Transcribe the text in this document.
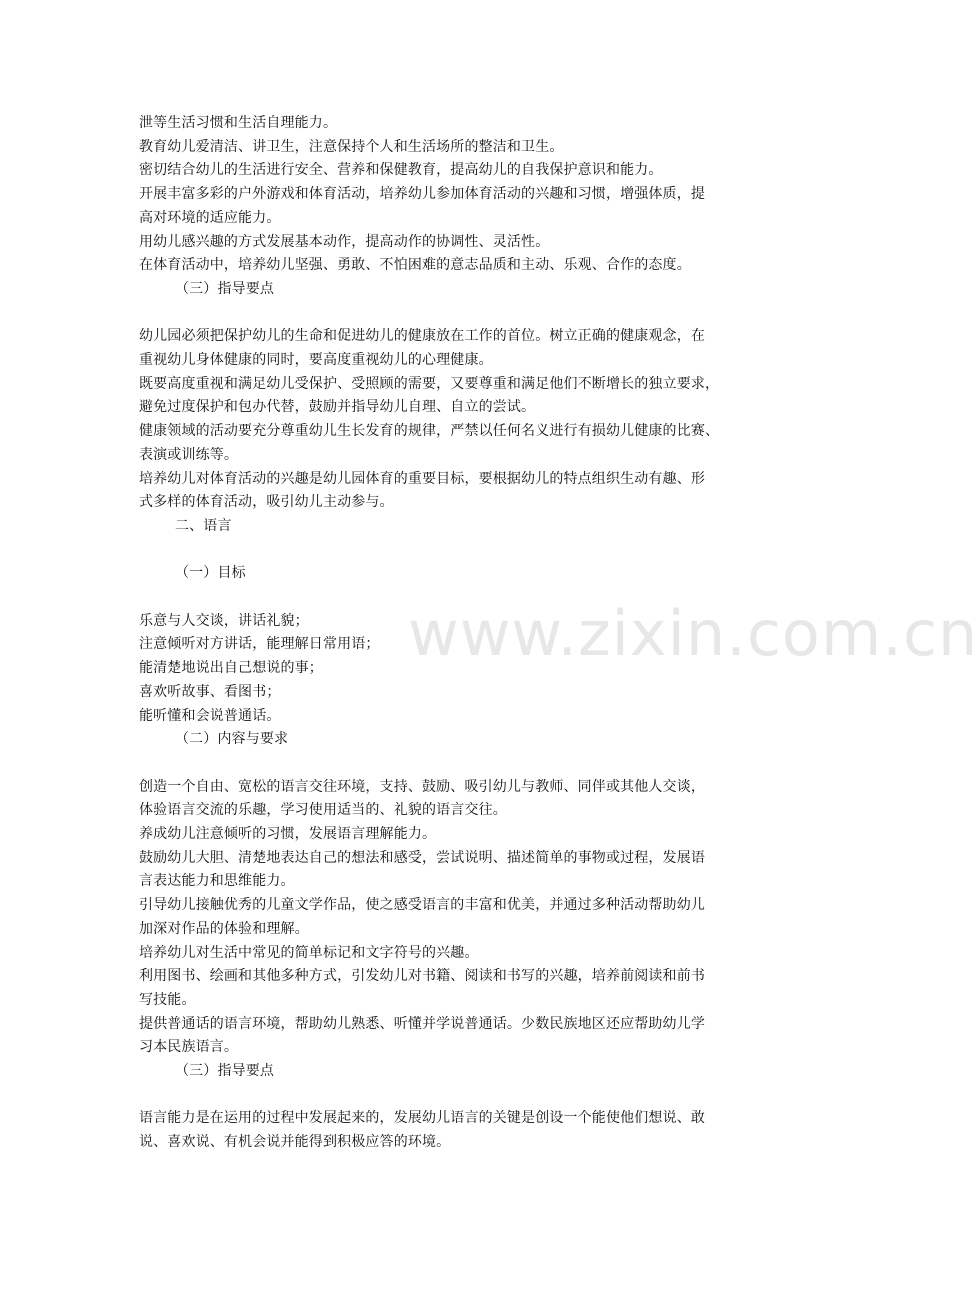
www.zixin.com.cn
泄等生活习惯和生活自理能力。
教育幼儿爱清洁、讲卫生，注意保持个人和生活场所的整洁和卫生。
密切结合幼儿的生活进行安全、营养和保健教育，提高幼儿的自我保护意识和能力。
开展丰富多彩的户外游戏和体育活动，培养幼儿参加体育活动的兴趣和习惯，增强体质，提
高对环境的适应能力。
用幼儿感兴趣的方式发展基本动作，提高动作的协调性、灵活性。
在体育活动中，培养幼儿坚强、勇敢、不怕困难的意志品质和主动、乐观、合作的态度。
（三）指导要点
幼儿园必须把保护幼儿的生命和促进幼儿的健康放在工作的首位。树立正确的健康观念，在
重视幼儿身体健康的同时，要高度重视幼儿的心理健康。
既要高度重视和满足幼儿受保护、受照顾的需要，又要尊重和满足他们不断增长的独立要求，
避免过度保护和包办代替，鼓励并指导幼儿自理、自立的尝试。
健康领域的活动要充分尊重幼儿生长发育的规律，严禁以任何名义进行有损幼儿健康的比赛、
表演或训练等。
培养幼儿对体育活动的兴趣是幼儿园体育的重要目标，要根据幼儿的特点组织生动有趣、形
式多样的体育活动，吸引幼儿主动参与。
二、语言
（一）目标
乐意与人交谈，讲话礼貌；
注意倾听对方讲话，能理解日常用语；
能清楚地说出自己想说的事；
喜欢听故事、看图书；
能听懂和会说普通话。
（二）内容与要求
创造一个自由、宽松的语言交往环境，支持、鼓励、吸引幼儿与教师、同伴或其他人交谈，
体验语言交流的乐趣，学习使用适当的、礼貌的语言交往。
养成幼儿注意倾听的习惯，发展语言理解能力。
鼓励幼儿大胆、清楚地表达自己的想法和感受，尝试说明、描述简单的事物或过程，发展语
言表达能力和思维能力。
引导幼儿接触优秀的儿童文学作品，使之感受语言的丰富和优美，并通过多种活动帮助幼儿
加深对作品的体验和理解。
培养幼儿对生活中常见的简单标记和文字符号的兴趣。
利用图书、绘画和其他多种方式，引发幼儿对书籍、阅读和书写的兴趣，培养前阅读和前书
写技能。
提供普通话的语言环境，帮助幼儿熟悉、听懂并学说普通话。少数民族地区还应帮助幼儿学
习本民族语言。
（三）指导要点
语言能力是在运用的过程中发展起来的，发展幼儿语言的关键是创设一个能使他们想说、敢
说、喜欢说、有机会说并能得到积极应答的环境。
